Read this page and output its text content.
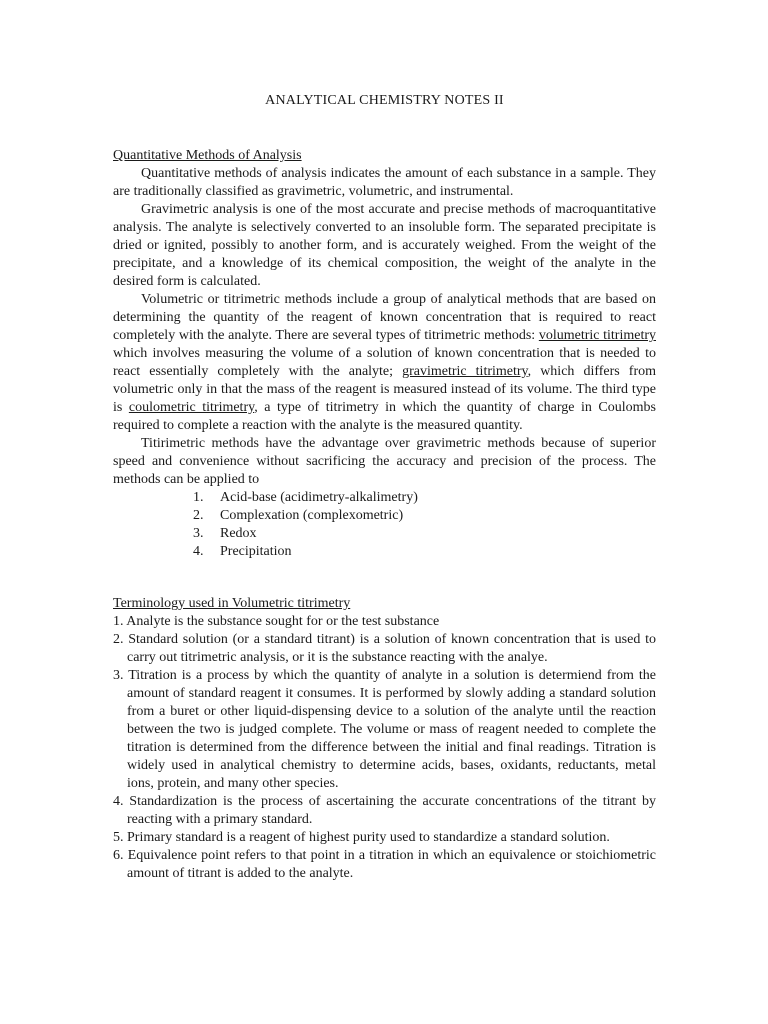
ANALYTICAL CHEMISTRY NOTES II

Quantitative Methods of Analysis

Quantitative methods of analysis indicates the amount of each substance in a sample. They are traditionally classified as gravimetric, volumetric, and instrumental.

Gravimetric analysis is one of the most accurate and precise methods of macroquantitative analysis. The analyte is selectively converted to an insoluble form. The separated precipitate is dried or ignited, possibly to another form, and is accurately weighed. From the weight of the precipitate, and a knowledge of its chemical composition, the weight of the analyte in the desired form is calculated.

Volumetric or titrimetric methods include a group of analytical methods that are based on determining the quantity of the reagent of known concentration that is required to react completely with the analyte. There are several types of titrimetric methods: volumetric titrimetry which involves measuring the volume of a solution of known concentration that is needed to react essentially completely with the analyte; gravimetric titrimetry, which differs from volumetric only in that the mass of the reagent is measured instead of its volume. The third type is coulometric titrimetry, a type of titrimetry in which the quantity of charge in Coulombs required to complete a reaction with the analyte is the measured quantity.

Titirimetric methods have the advantage over gravimetric methods because of superior speed and convenience without sacrificing the accuracy and precision of the process. The methods can be applied to

1. Acid-base (acidimetry-alkalimetry)
2. Complexation (complexometric)
3. Redox
4. Precipitation

Terminology used in Volumetric titrimetry

1. Analyte is the substance sought for or the test substance

2. Standard solution (or a standard titrant) is a solution of known concentration that is used to carry out titrimetric analysis, or it is the substance reacting with the analye.

3. Titration is a process by which the quantity of analyte in a solution is determiend from the amount of standard reagent it consumes. It is performed by slowly adding a standard solution from a buret or other liquid-dispensing device to a solution of the analyte until the reaction between the two is judged complete. The volume or mass of reagent needed to complete the titration is determined from the difference between the initial and final readings. Titration is widely used in analytical chemistry to determine acids, bases, oxidants, reductants, metal ions, protein, and many other species.

4. Standardization is the process of ascertaining the accurate concentrations of the titrant by reacting with a primary standard.

5. Primary standard is a reagent of highest purity used to standardize a standard solution.

6. Equivalence point refers to that point in a titration in which an equivalence or stoichiometric amount of titrant is added to the analyte.
